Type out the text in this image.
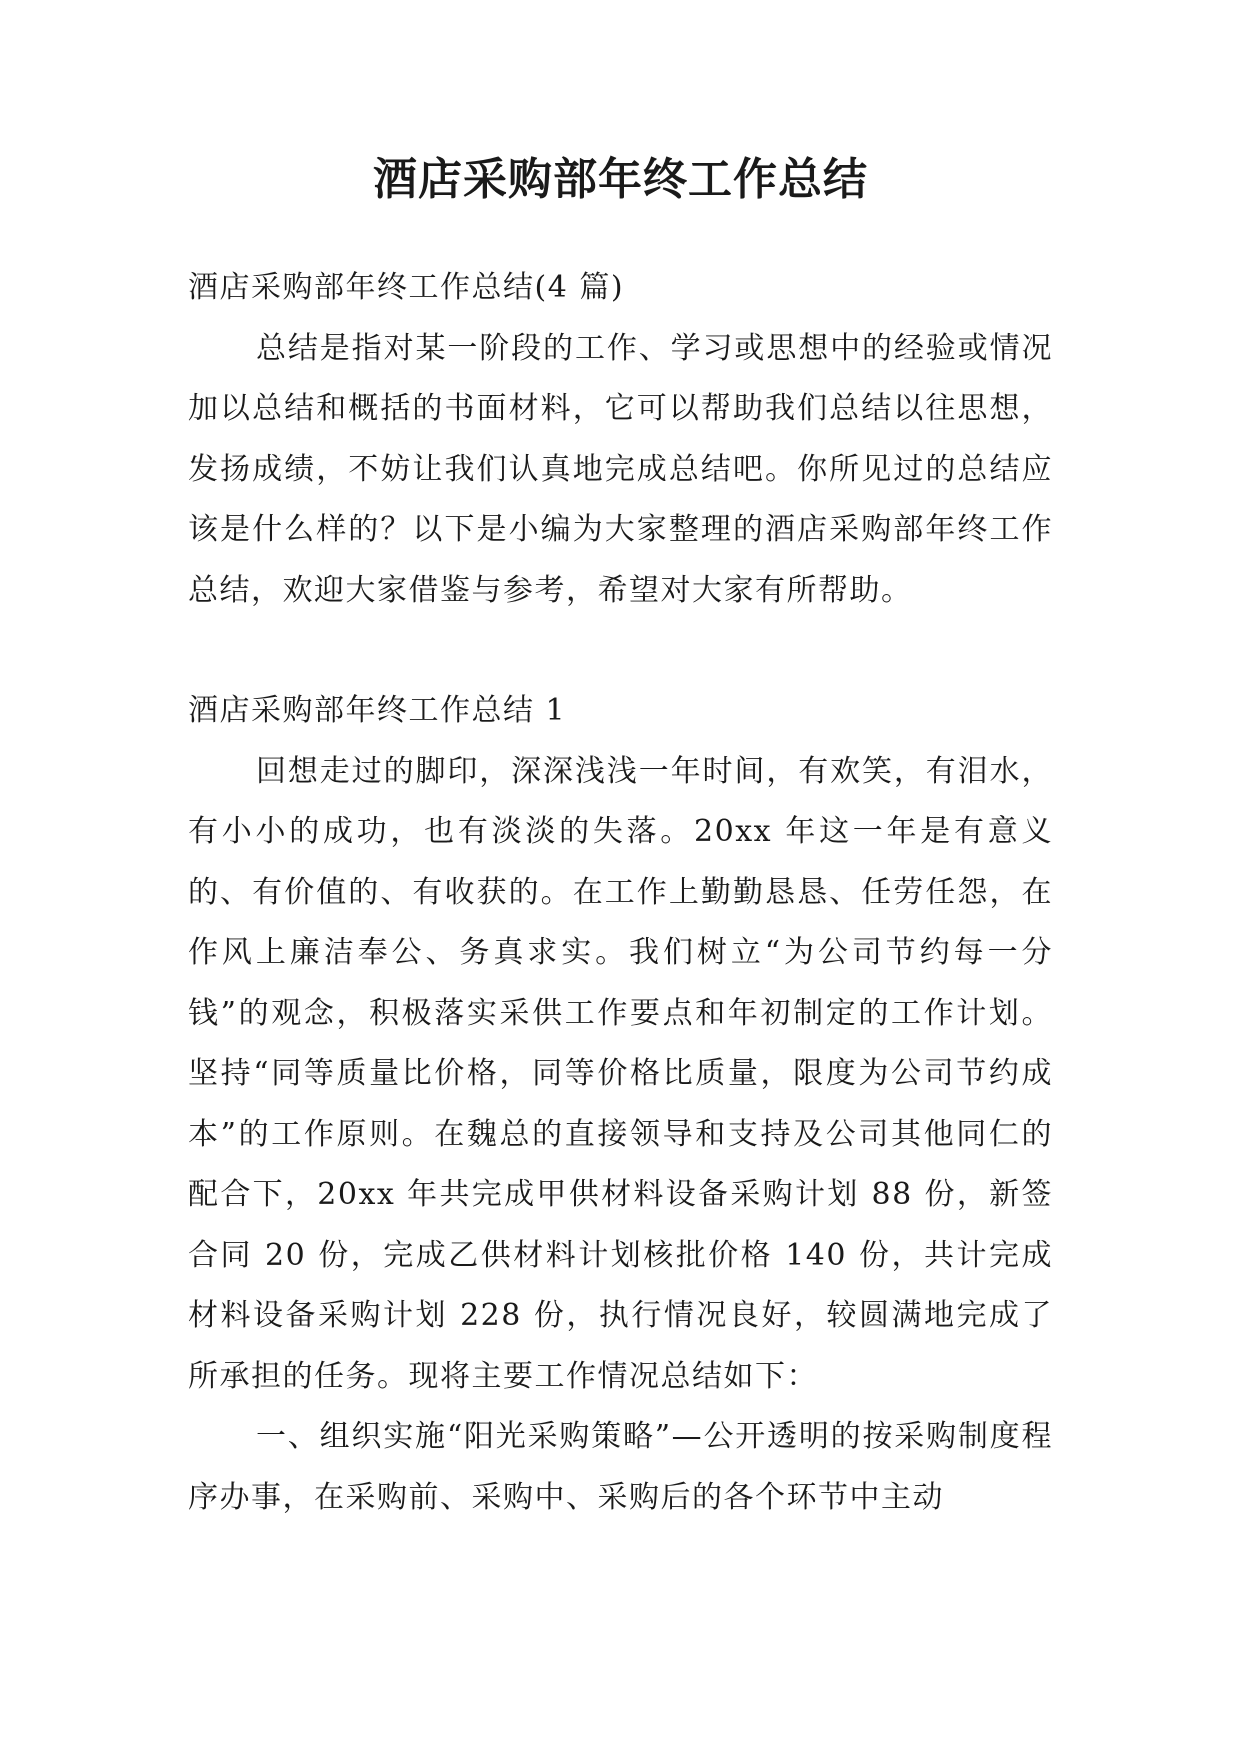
酒店采购部年终工作总结

酒店采购部年终工作总结(4 篇)

总结是指对某一阶段的工作、学习或思想中的经验或情况加以总结和概括的书面材料，它可以帮助我们总结以往思想，发扬成绩，不妨让我们认真地完成总结吧。你所见过的总结应该是什么样的？以下是小编为大家整理的酒店采购部年终工作总结，欢迎大家借鉴与参考，希望对大家有所帮助。

酒店采购部年终工作总结 1

回想走过的脚印，深深浅浅一年时间，有欢笑，有泪水，有小小的成功，也有淡淡的失落。20xx 年这一年是有意义的、有价值的、有收获的。在工作上勤勤恳恳、任劳任怨，在作风上廉洁奉公、务真求实。我们树立“为公司节约每一分钱”的观念，积极落实采供工作要点和年初制定的工作计划。坚持“同等质量比价格，同等价格比质量，限度为公司节约成本”的工作原则。在魏总的直接领导和支持及公司其他同仁的配合下，20xx 年共完成甲供材料设备采购计划 88 份，新签合同 20 份，完成乙供材料计划核批价格 140 份，共计完成材料设备采购计划 228 份，执行情况良好，较圆满地完成了所承担的任务。现将主要工作情况总结如下：

一、组织实施“阳光采购策略”—公开透明的按采购制度程序办事，在采购前、采购中、采购后的各个环节中主动
